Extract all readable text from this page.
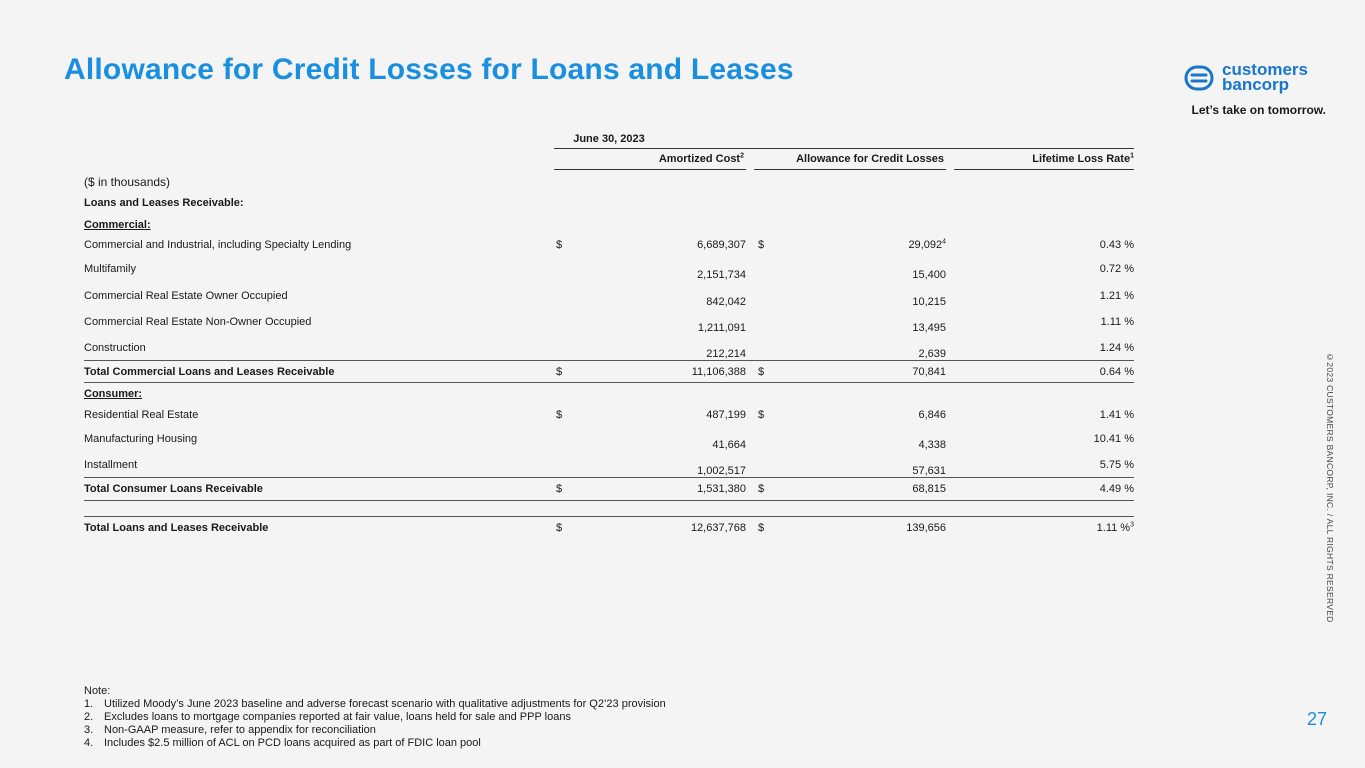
Allowance for Credit Losses for Loans and Leases	customers
bancorp
Let’s take on tomorrow.
©2023 CUSTOMERS BANCORP, INC. / ALL RIGHTS RESERVED
27
June 30, 2023
Amortized Cost$^2$	Allowance for Credit Losses	Lifetime Loss Rate$^1$
($ in thousands)
Loans and Leases Receivable:
Commercial:
Commercial and Industrial, including Specialty Lending	$	6,689,307 $	29,092$^4$	0.43 %
Multifamily	2,151,734	15,400	0.72 %
Commercial Real Estate Owner Occupied	842,042	10,215	1.21 %
Commercial Real Estate Non-Owner Occupied	1,211,091	13,495	1.11 %
Construction	212,214	2,639	1.24 %
Total Commercial Loans and Leases Receivable	$	11,106,388 $	70,841	0.64 %
Consumer:
Residential Real Estate	$	487,199 $	6,846	1.41 %
Manufacturing Housing	41,664	4,338	10.41 %
Installment	1,002,517	57,631	5.75 %
Total Consumer Loans Receivable	$	1,531,380 $	68,815	4.49 %
Total Loans and Leases Receivable	$	12,637,768 $	139,656	1.11 %$^3$
Note:
1. Utilized Moody’s June 2023 baseline and adverse forecast scenario with qualitative adjustments for Q2’23 provision
2. Excludes loans to mortgage companies reported at fair value, loans held for sale and PPP loans
3. Non-GAAP measure, refer to appendix for reconciliation
4. Includes $2.5 million of ACL on PCD loans acquired as part of FDIC loan pool
